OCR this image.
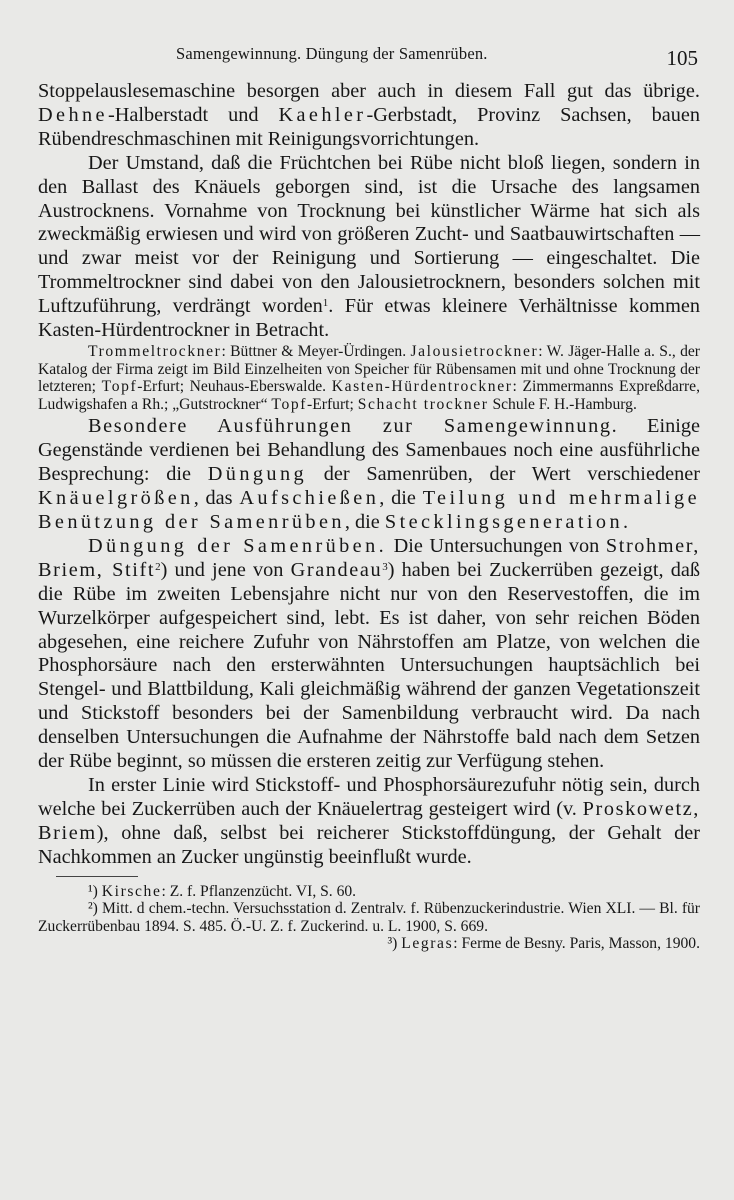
Samengewinnung. Düngung der Samenrüben.	105

Stoppelauslesemaschine besorgen aber auch in diesem Fall gut das übrige. Dehne-Halberstadt und Kaehler-Gerbstadt, Provinz Sachsen, bauen Rübendreschmaschinen mit Reinigungsvorrichtungen.

Der Umstand, daß die Früchtchen bei Rübe nicht bloß liegen, sondern in den Ballast des Knäuels geborgen sind, ist die Ursache des langsamen Austrocknens. Vornahme von Trocknung bei künstlicher Wärme hat sich als zweckmäßig erwiesen und wird von größeren Zucht- und Saatbauwirtschaften — und zwar meist vor der Reinigung und Sortierung — eingeschaltet. Die Trommeltrockner sind dabei von den Jalousietrocknern, besonders solchen mit Luftzuführung, verdrängt worden$^1$. Für etwas kleinere Verhältnisse kommen Kasten-Hürdentrockner in Betracht.

Trommeltrockner: Büttner & Meyer-Ürdingen. Jalousietrockner: W. Jäger-Halle a. S., der Katalog der Firma zeigt im Bild Einzelheiten von Speicher für Rübensamen mit und ohne Trocknung der letzteren; Topf-Erfurt; Neuhaus-Eberswalde. Kasten-Hürdentrockner: Zimmermanns Expreßdarre, Ludwigshafen a Rh.; „Gutstrockner“ Topf-Erfurt; Schacht trockner Schule F. H.-Hamburg.

Besondere Ausführungen zur Samengewinnung. Einige Gegenstände verdienen bei Behandlung des Samenbaues noch eine ausführliche Besprechung: die Düngung der Samenrüben, der Wert verschiedener Knäuelgrößen, das Aufschießen, die Teilung und mehrmalige Benützung der Samenrüben, die Stecklingsgeneration.

Düngung der Samenrüben. Die Untersuchungen von Strohmer, Briem, Stift$^2$) und jene von Grandeau$^3$) haben bei Zuckerrüben gezeigt, daß die Rübe im zweiten Lebensjahre nicht nur von den Reservestoffen, die im Wurzelkörper aufgespeichert sind, lebt. Es ist daher, von sehr reichen Böden abgesehen, eine reichere Zufuhr von Nährstoffen am Platze, von welchen die Phosphorsäure nach den ersterwähnten Untersuchungen hauptsächlich bei Stengel- und Blattbildung, Kali gleichmäßig während der ganzen Vegetationszeit und Stickstoff besonders bei der Samenbildung verbraucht wird. Da nach denselben Untersuchungen die Aufnahme der Nährstoffe bald nach dem Setzen der Rübe beginnt, so müssen die ersteren zeitig zur Verfügung stehen.

In erster Linie wird Stickstoff- und Phosphorsäurezufuhr nötig sein, durch welche bei Zuckerrüben auch der Knäuelertrag gesteigert wird (v. Proskowetz, Briem), ohne daß, selbst bei reicherer Stickstoffdüngung, der Gehalt der Nachkommen an Zucker ungünstig beeinflußt wurde.

¹) Kirsche: Z. f. Pflanzenzücht. VI, S. 60.

²) Mitt. d chem.-techn. Versuchsstation d. Zentralv. f. Rübenzuckerindustrie. Wien XLI. — Bl. für Zuckerrübenbau 1894. S. 485. Ö.-U. Z. f. Zuckerind. u. L. 1900, S. 669.

³) Legras: Ferme de Besny. Paris, Masson, 1900.
